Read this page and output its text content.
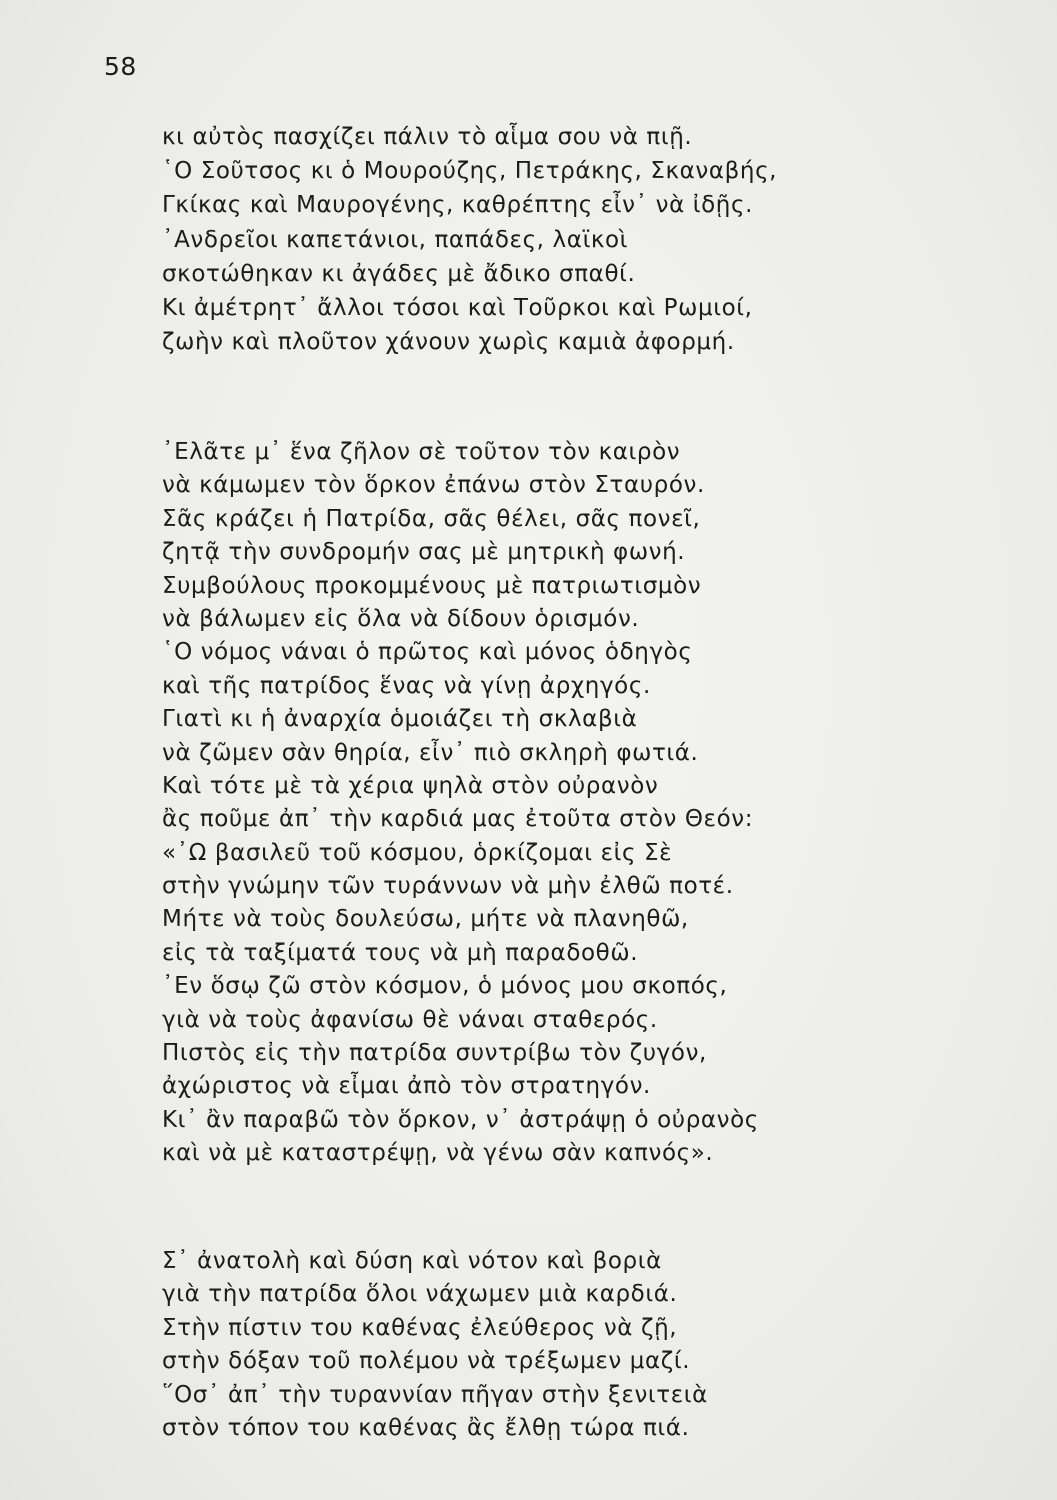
58
κι αὐτὸς πασχίζει πάλιν τὸ αἷμα σου νὰ πιῇ.
῾Ο Σοῦτσος κι ὁ Μουρούζης, Πετράκης, Σκαναβής,
Γκίκας καὶ Μαυρογένης, καθρέπτης εἶν᾽ νὰ ἰδῇς.
᾽Ανδρεῖοι καπετάνιοι, παπάδες, λαϊκοὶ
σκοτώθηκαν κι ἀγάδες μὲ ἄδικο σπαθί.
Κι ἀμέτρητ᾽ ἄλλοι τόσοι καὶ Τοῦρκοι καὶ Ρωμιοί,
ζωὴν καὶ πλοῦτον χάνουν χωρὶς καμιὰ ἀφορμή.
᾽Ελᾶτε μ᾽ ἕνα ζῆλον σὲ τοῦτον τὸν καιρὸν
νὰ κάμωμεν τὸν ὅρκον ἐπάνω στὸν Σταυρόν.
Σᾶς κράζει ἡ Πατρίδα, σᾶς θέλει, σᾶς πονεῖ,
ζητᾷ τὴν συνδρομήν σας μὲ μητρικὴ φωνή.
Συμβούλους προκομμένους μὲ πατριωτισμὸν
νὰ βάλωμεν εἰς ὅλα νὰ δίδουν ὁρισμόν.
῾Ο νόμος νάναι ὁ πρῶτος καὶ μόνος ὁδηγὸς
καὶ τῆς πατρίδος ἕνας νὰ γίνῃ ἀρχηγός.
Γιατὶ κι ἡ ἀναρχία ὁμοιάζει τὴ σκλαβιὰ
νὰ ζῶμεν σὰν θηρία, εἶν᾽ πιὸ σκληρὴ φωτιά.
Καὶ τότε μὲ τὰ χέρια ψηλὰ στὸν οὐρανὸν
ἂς ποῦμε ἀπ᾽ τὴν καρδιά μας ἐτοῦτα στὸν Θεόν:
«᾽Ω βασιλεῦ τοῦ κόσμου, ὁρκίζομαι εἰς Σὲ
στὴν γνώμην τῶν τυράννων νὰ μὴν ἐλθῶ ποτέ.
Μήτε νὰ τοὺς δουλεύσω, μήτε νὰ πλανηθῶ,
εἰς τὰ ταξίματά τους νὰ μὴ παραδοθῶ.
᾽Εν ὅσῳ ζῶ στὸν κόσμον, ὁ μόνος μου σκοπός,
γιὰ νὰ τοὺς ἀφανίσω θὲ νάναι σταθερός.
Πιστὸς εἰς τὴν πατρίδα συντρίβω τὸν ζυγόν,
ἀχώριστος νὰ εἶμαι ἀπὸ τὸν στρατηγόν.
Κι᾽ ἂν παραβῶ τὸν ὅρκον, ν᾽ ἀστράψῃ ὁ οὐρανὸς
καὶ νὰ μὲ καταστρέψῃ, νὰ γένω σὰν καπνός».
Σ᾽ ἀνατολὴ καὶ δύση καὶ νότον καὶ βοριὰ
γιὰ τὴν πατρίδα ὅλοι νάχωμεν μιὰ καρδιά.
Στὴν πίστιν του καθένας ἐλεύθερος νὰ ζῇ,
στὴν δόξαν τοῦ πολέμου νὰ τρέξωμεν μαζί.
῞Οσ᾽ ἀπ᾽ τὴν τυραννίαν πῆγαν στὴν ξενιτειὰ
στὸν τόπον του καθένας ἂς ἔλθῃ τώρα πιά.
